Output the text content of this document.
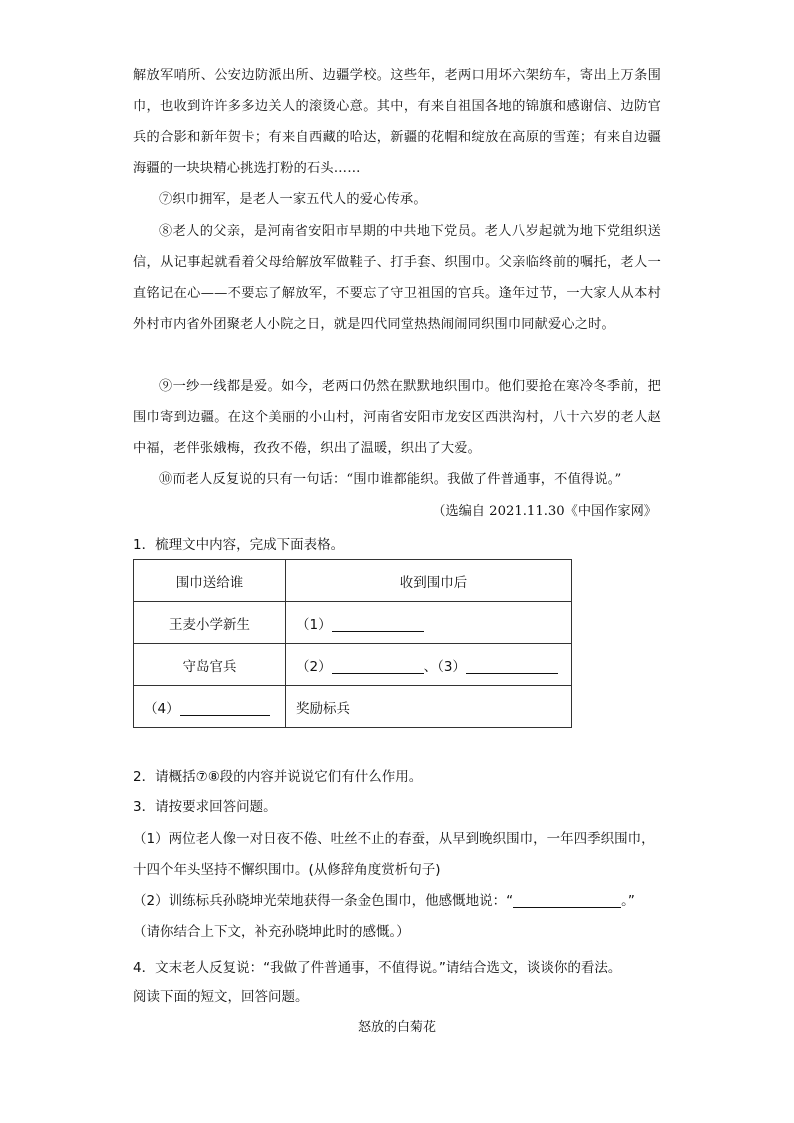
解放军哨所、公安边防派出所、边疆学校。这些年，老两口用坏六架纺车，寄出上万条围巾，也收到许许多多边关人的滚烫心意。其中，有来自祖国各地的锦旗和感谢信、边防官兵的合影和新年贺卡；有来自西藏的哈达，新疆的花帽和绽放在高原的雪莲；有来自边疆海疆的一块块精心挑选打粉的石头……
⑦织巾拥军，是老人一家五代人的爱心传承。
⑧老人的父亲，是河南省安阳市早期的中共地下党员。老人八岁起就为地下党组织送信，从记事起就看着父母给解放军做鞋子、打手套、织围巾。父亲临终前的嘱托，老人一直铭记在心——不要忘了解放军，不要忘了守卫祖国的官兵。逢年过节，一大家人从本村外村市内省外团聚老人小院之日，就是四代同堂热热闹闹同织围巾同献爱心之时。
⑨一纱一线都是爱。如今，老两口仍然在默默地织围巾。他们要抢在寒冷冬季前，把围巾寄到边疆。在这个美丽的小山村，河南省安阳市龙安区西洪沟村，八十六岁的老人赵中福，老伴张娥梅，孜孜不倦，织出了温暖，织出了大爱。
⑩而老人反复说的只有一句话：“围巾谁都能织。我做了件普通事，不值得说。”
（选编自 2021.11.30《中国作家网》
1．梳理文中内容，完成下面表格。
围巾送给谁	收到围巾后
王麦小学新生	（1）
守岛官兵	（2） 、（3）
（4）	奖励标兵
2．请概括⑦⑧段的内容并说说它们有什么作用。
3．请按要求回答问题。
（1）两位老人像一对日夜不倦、吐丝不止的春蚕，从早到晚织围巾，一年四季织围巾，十四个年头坚持不懈织围巾。(从修辞角度赏析句子)
（2）训练标兵孙晓坤光荣地获得一条金色围巾，他感慨地说：“	。”
（请你结合上下文，补充孙晓坤此时的感慨。）
4．文末老人反复说：“我做了件普通事，不值得说。”请结合选文，谈谈你的看法。
阅读下面的短文，回答问题。
怒放的白菊花
